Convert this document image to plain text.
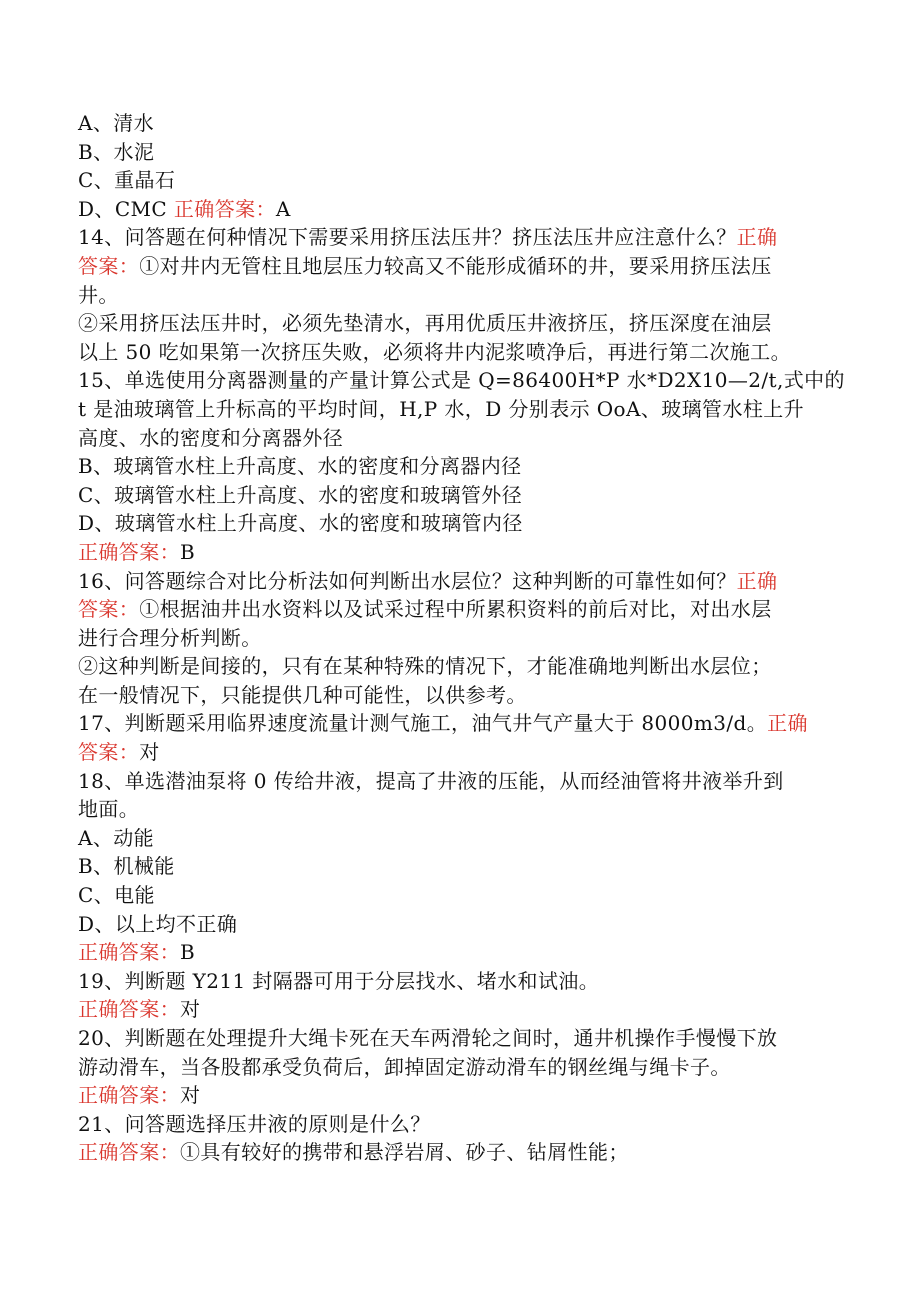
A、清水
B、水泥
C、重晶石
D、CMC 正确答案：A
14、问答题在何种情况下需要采用挤压法压井？挤压法压井应注意什么？正确
答案：①对井内无管柱且地层压力较高又不能形成循环的井，要采用挤压法压
井。
②采用挤压法压井时，必须先垫清水，再用优质压井液挤压，挤压深度在油层
以上 50 吃如果第一次挤压失败，必须将井内泥浆喷净后，再进行第二次施工。
15、单选使用分离器测量的产量计算公式是 Q=86400H*P 水*D2X10—2/t,式中的
t 是油玻璃管上升标高的平均时间，H,P 水，D 分别表示 OoA、玻璃管水柱上升
高度、水的密度和分离器外径
B、玻璃管水柱上升高度、水的密度和分离器内径
C、玻璃管水柱上升高度、水的密度和玻璃管外径
D、玻璃管水柱上升高度、水的密度和玻璃管内径
正确答案：B
16、问答题综合对比分析法如何判断出水层位？这种判断的可靠性如何？正确
答案：①根据油井出水资料以及试采过程中所累积资料的前后对比，对出水层
进行合理分析判断。
②这种判断是间接的，只有在某种特殊的情况下，才能准确地判断出水层位；
在一般情况下，只能提供几种可能性，以供参考。
17、判断题采用临界速度流量计测气施工，油气井气产量大于 8000m3/d。正确
答案：对
18、单选潜油泵将 0 传给井液，提高了井液的压能，从而经油管将井液举升到
地面。
A、动能
B、机械能
C、电能
D、以上均不正确
正确答案：B
19、判断题 Y211 封隔器可用于分层找水、堵水和试油。
正确答案：对
20、判断题在处理提升大绳卡死在天车两滑轮之间时，通井机操作手慢慢下放
游动滑车，当各股都承受负荷后，卸掉固定游动滑车的钢丝绳与绳卡子。
正确答案：对
21、问答题选择压井液的原则是什么？
正确答案：①具有较好的携带和悬浮岩屑、砂子、钻屑性能；
